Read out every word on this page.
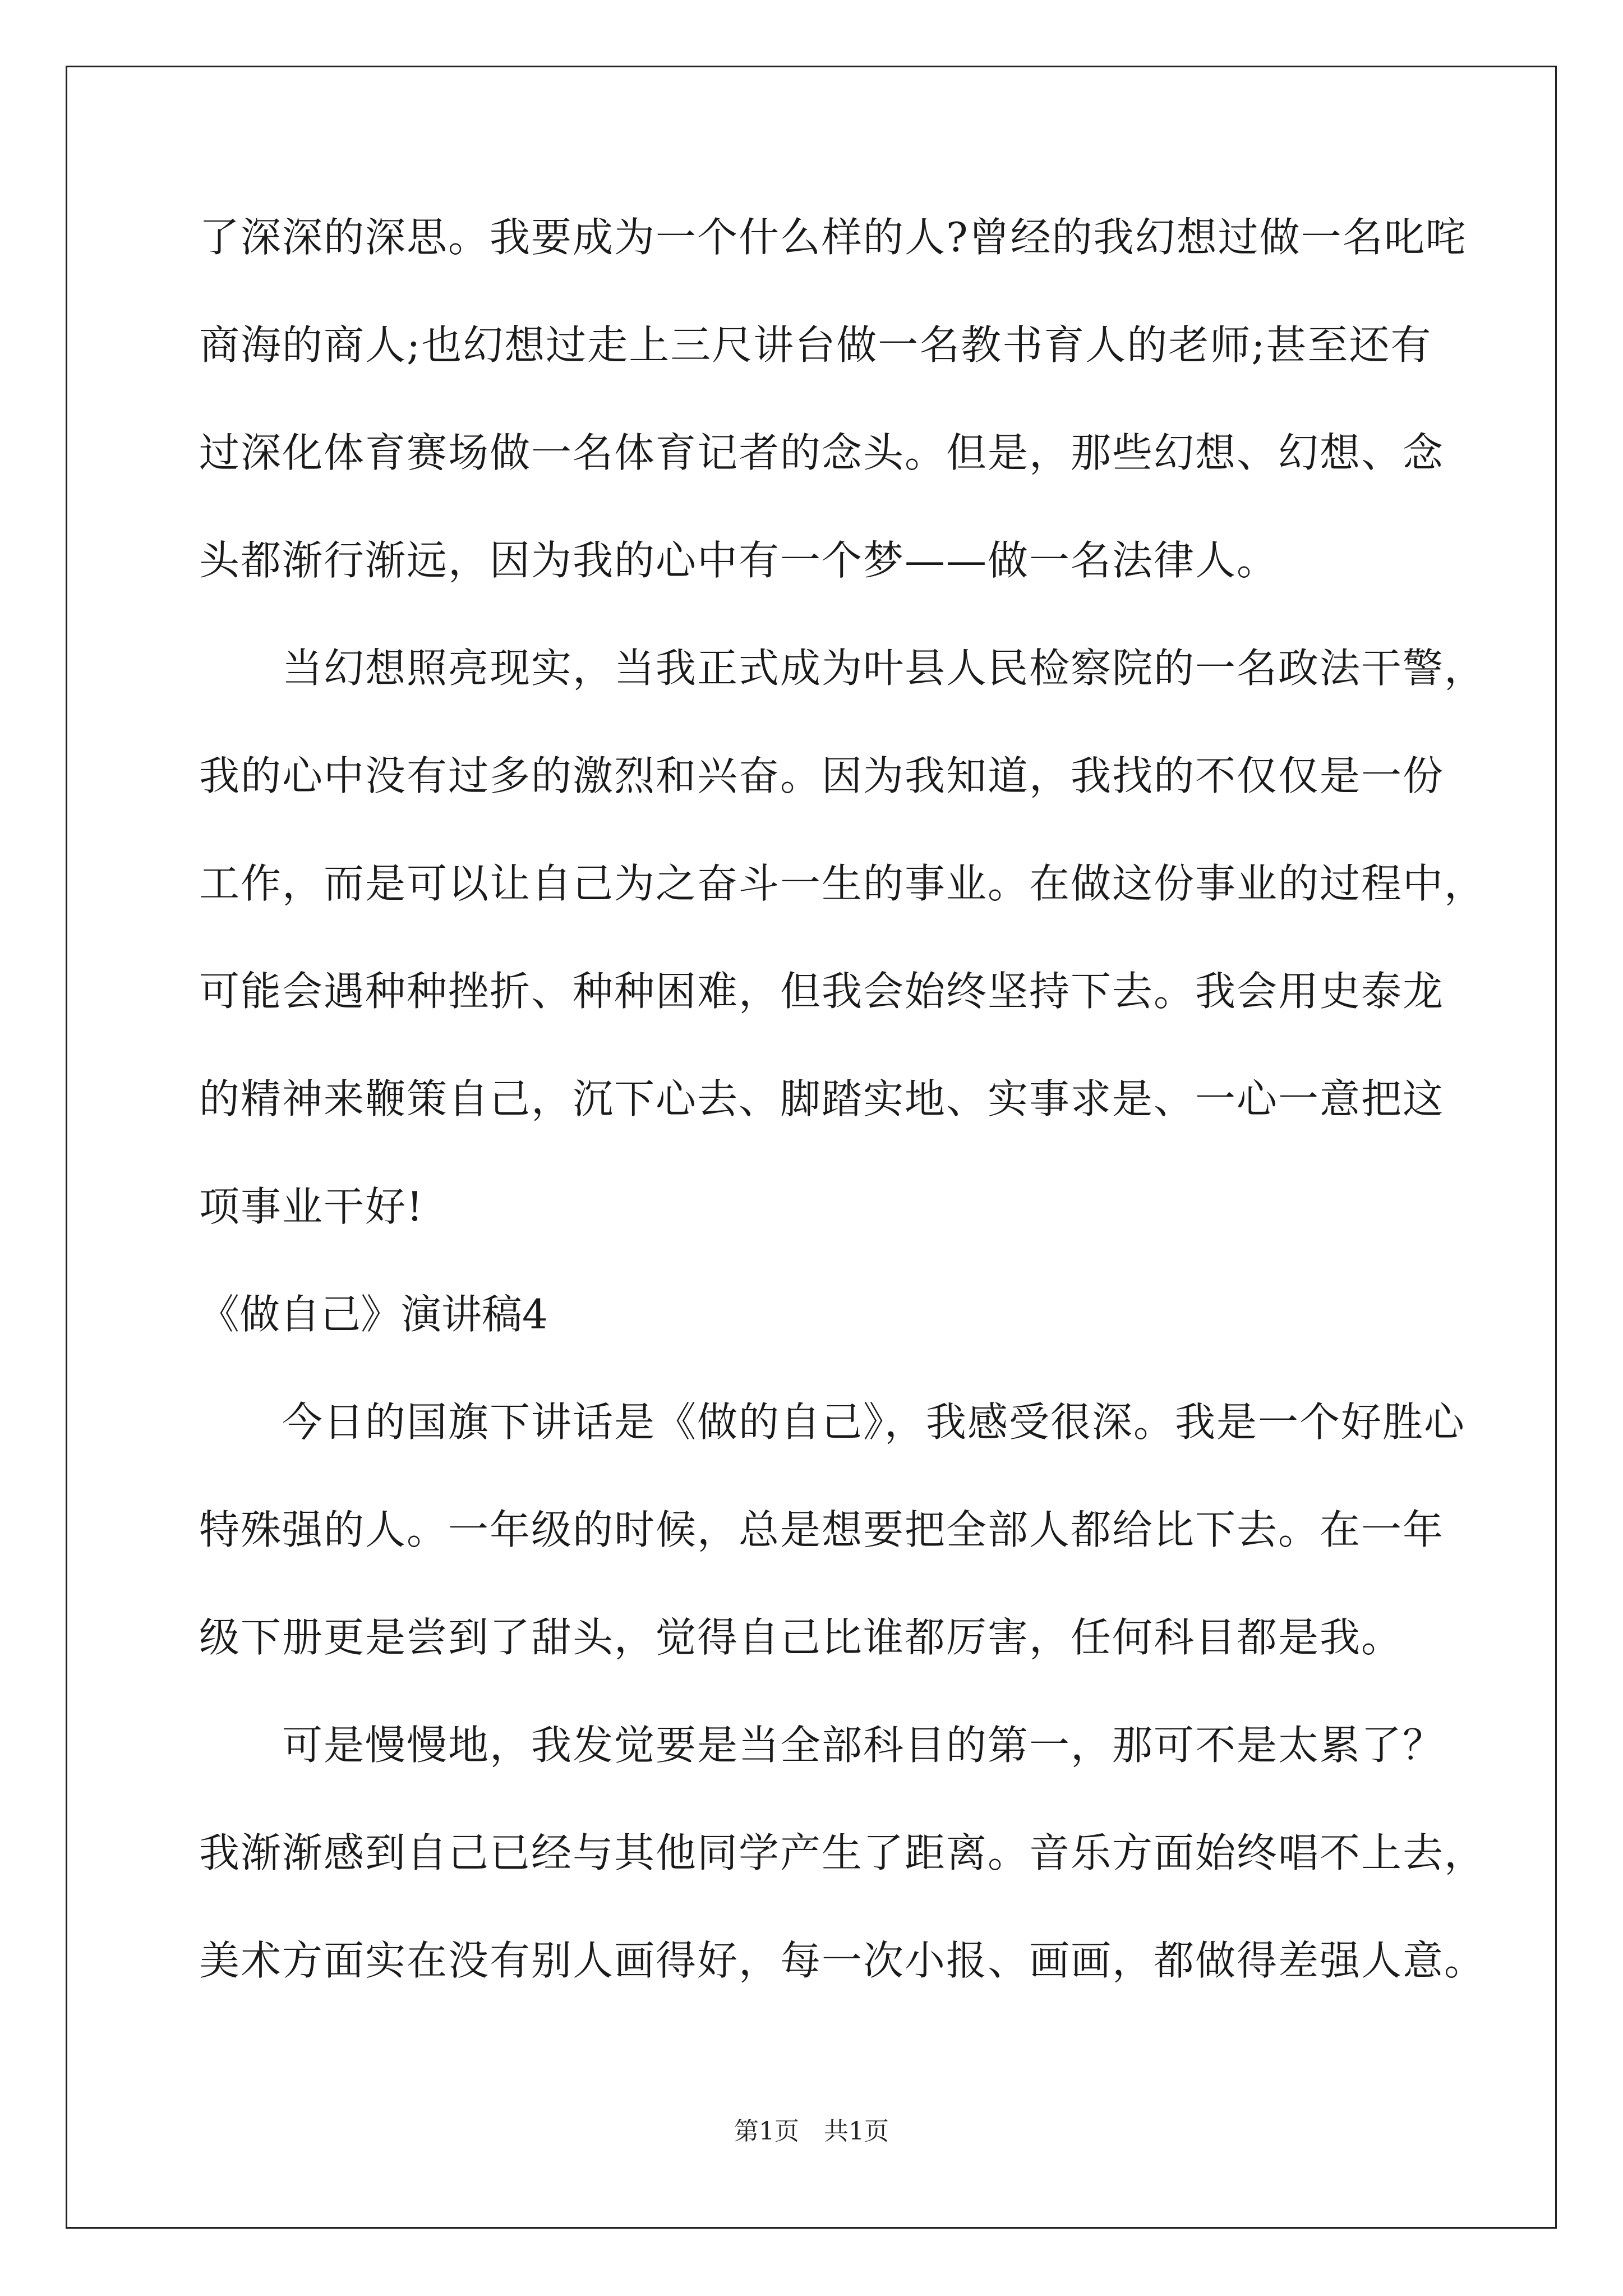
了深深的深思。我要成为一个什么样的人?曾经的我幻想过做一名叱咤
商海的商人;也幻想过走上三尺讲台做一名教书育人的老师;甚至还有
过深化体育赛场做一名体育记者的念头。但是，那些幻想、幻想、念
头都渐行渐远，因为我的心中有一个梦——做一名法律人。
当幻想照亮现实，当我正式成为叶县人民检察院的一名政法干警，
我的心中没有过多的激烈和兴奋。因为我知道，我找的不仅仅是一份
工作，而是可以让自己为之奋斗一生的事业。在做这份事业的过程中，
可能会遇种种挫折、种种困难，但我会始终坚持下去。我会用史泰龙
的精神来鞭策自己，沉下心去、脚踏实地、实事求是、一心一意把这
项事业干好!
《做自己》演讲稿4
今日的国旗下讲话是《做的自己》，我感受很深。我是一个好胜心
特殊强的人。一年级的时候，总是想要把全部人都给比下去。在一年
级下册更是尝到了甜头，觉得自己比谁都厉害，任何科目都是我。
可是慢慢地，我发觉要是当全部科目的第一，那可不是太累了？
我渐渐感到自己已经与其他同学产生了距离。音乐方面始终唱不上去，
美术方面实在没有别人画得好，每一次小报、画画，都做得差强人意。
第1页　共1页
